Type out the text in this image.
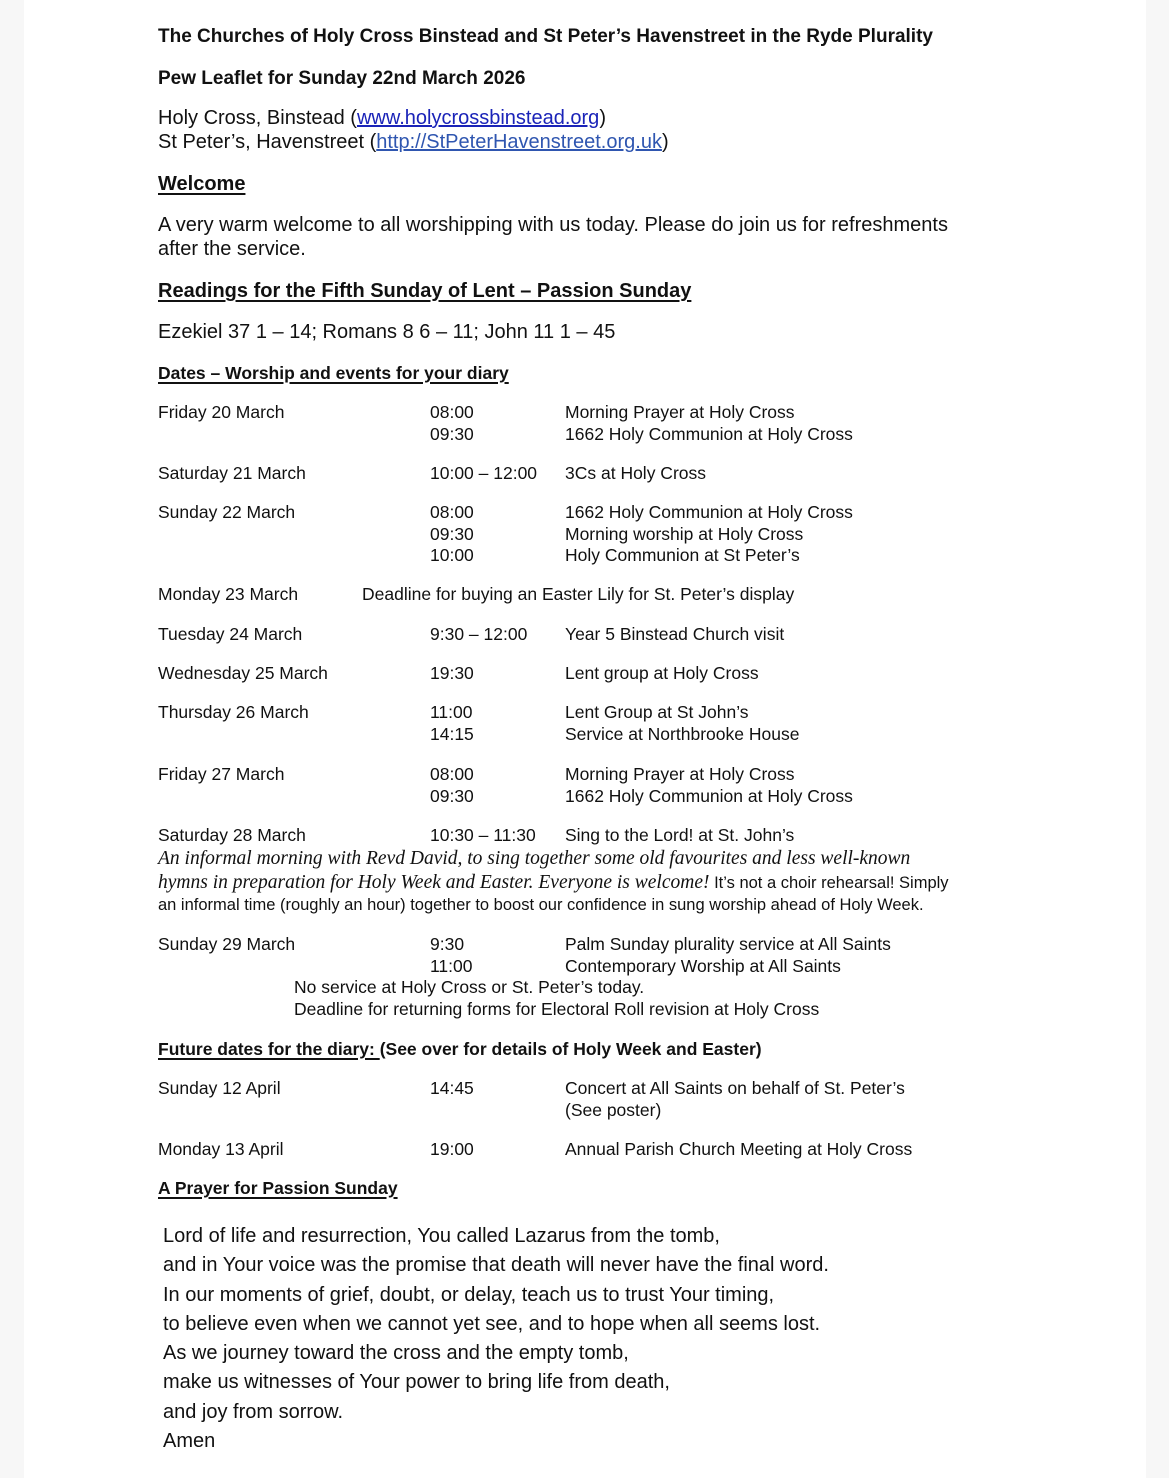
The Churches of Holy Cross Binstead and St Peter’s Havenstreet in the Ryde Plurality
Pew Leaflet for Sunday 22nd March 2026
Holy Cross, Binstead (www.holycrossbinstead.org)
St Peter’s, Havenstreet (http://StPeterHavenstreet.org.uk)
Welcome
A very warm welcome to all worshipping with us today. Please do join us for refreshments
after the service.
Readings for the Fifth Sunday of Lent – Passion Sunday
Ezekiel 37 1 – 14; Romans 8 6 – 11; John 11 1 – 45
Dates – Worship and events for your diary
Friday 20 March	08:00	Morning Prayer at Holy Cross
09:30	1662 Holy Communion at Holy Cross
Saturday 21 March	10:00 – 12:00 3Cs at Holy Cross
Sunday 22 March	08:00	1662 Holy Communion at Holy Cross
09:30	Morning worship at Holy Cross
10:00	Holy Communion at St Peter’s
Monday 23 March	Deadline for buying an Easter Lily for St. Peter’s display
Tuesday 24 March	9:30 – 12:00 Year 5 Binstead Church visit
Wednesday 25 March	19:30	Lent group at Holy Cross
Thursday 26 March	11:00	Lent Group at St John’s
14:15	Service at Northbrooke House
Friday 27 March	08:00	Morning Prayer at Holy Cross
09:30	1662 Holy Communion at Holy Cross
Saturday 28 March	10:30 – 11:30 Sing to the Lord! at St. John’s
An informal morning with Revd David, to sing together some old favourites and less well-known
hymns in preparation for Holy Week and Easter. Everyone is welcome! It’s not a choir rehearsal! Simply
an informal time (roughly an hour) together to boost our confidence in sung worship ahead of Holy Week.
Sunday 29 March	9:30	Palm Sunday plurality service at All Saints
11:00	Contemporary Worship at All Saints
No service at Holy Cross or St. Peter’s today.
Deadline for returning forms for Electoral Roll revision at Holy Cross
Future dates for the diary: (See over for details of Holy Week and Easter)
Sunday 12 April	14:45	Concert at All Saints on behalf of St. Peter’s
(See poster)
Monday 13 April	19:00	Annual Parish Church Meeting at Holy Cross
A Prayer for Passion Sunday
Lord of life and resurrection, You called Lazarus from the tomb,
and in Your voice was the promise that death will never have the final word.
In our moments of grief, doubt, or delay, teach us to trust Your timing,
to believe even when we cannot yet see, and to hope when all seems lost.
As we journey toward the cross and the empty tomb,
make us witnesses of Your power to bring life from death,
and joy from sorrow.
Amen
